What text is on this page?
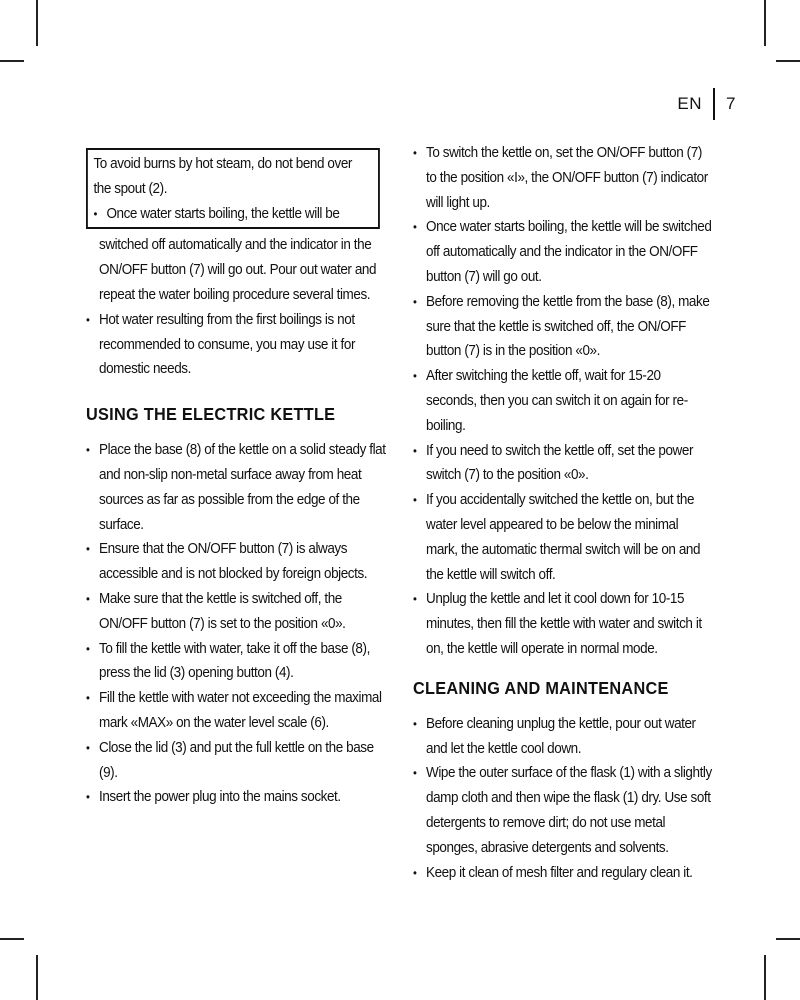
EN 7

To avoid burns by hot steam, do not bend over the spout (2).

• Once water starts boiling, the kettle will be

switched off automatically and the indicator in the ON/OFF button (7) will go out. Pour out water and repeat the water boiling procedure several times.

• Hot water resulting from the first boilings is not recommended to consume, you may use it for domestic needs.
USING THE ELECTRIC KETTLE
• Place the base (8) of the kettle on a solid steady flat and non-slip non-metal surface away from heat sources as far as possible from the edge of the surface.
• Ensure that the ON/OFF button (7) is always accessible and is not blocked by foreign objects.
• Make sure that the kettle is switched off, the ON/OFF button (7) is set to the position «0».
• To fill the kettle with water, take it off the base (8), press the lid (3) opening button (4).
• Fill the kettle with water not exceeding the maximal mark «MAX» on the water level scale (6).
• Close the lid (3) and put the full kettle on the base (9).
• Insert the power plug into the mains socket.
• To switch the kettle on, set the ON/OFF button (7) to the position «I», the ON/OFF button (7) indicator will light up.
• Once water starts boiling, the kettle will be switched off automatically and the indicator in the ON/OFF button (7) will go out.
• Before removing the kettle from the base (8), make sure that the kettle is switched off, the ON/OFF button (7) is in the position «0».
• After switching the kettle off, wait for 15-20 seconds, then you can switch it on again for re-boiling.
• If you need to switch the kettle off, set the power switch (7) to the position «0».
• If you accidentally switched the kettle on, but the water level appeared to be below the minimal mark, the automatic thermal switch will be on and the kettle will switch off.
• Unplug the kettle and let it cool down for 10-15 minutes, then fill the kettle with water and switch it on, the kettle will operate in normal mode.
CLEANING AND MAINTENANCE
• Before cleaning unplug the kettle, pour out water and let the kettle cool down.
• Wipe the outer surface of the flask (1) with a slightly damp cloth and then wipe the flask (1) dry. Use soft detergents to remove dirt; do not use metal sponges, abrasive detergents and solvents.
• Keep it clean of mesh filter and regulary clean it.
